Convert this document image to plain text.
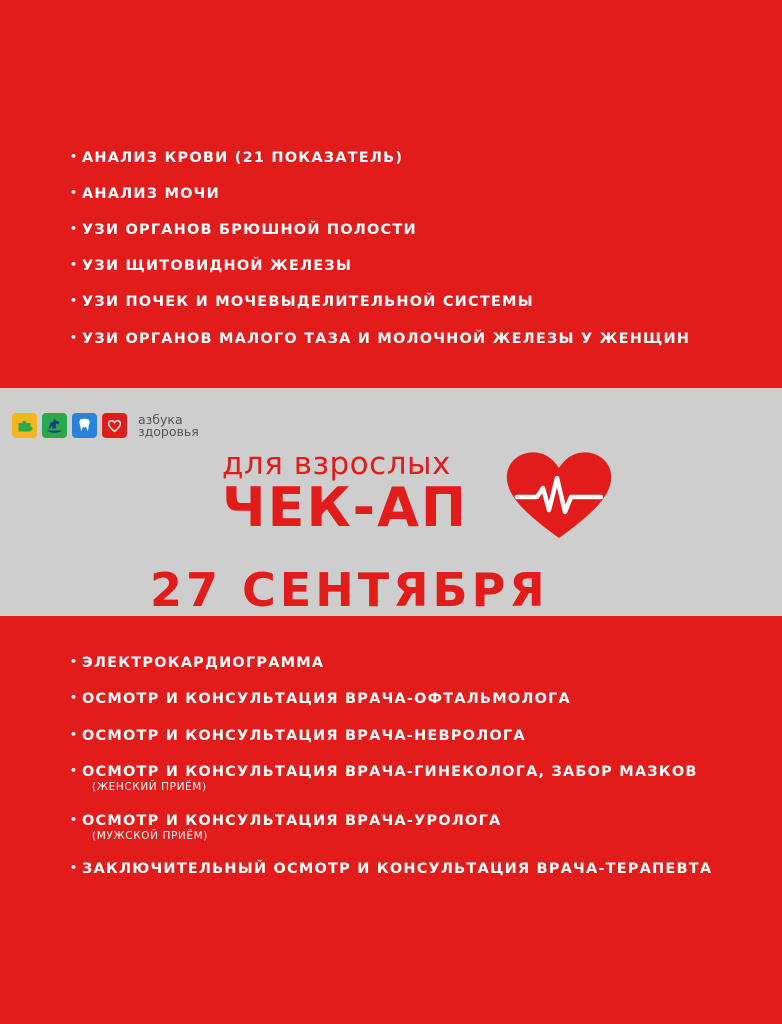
• АНАЛИЗ КРОВИ (21 ПОКАЗАТЕЛЬ)
• АНАЛИЗ МОЧИ
• УЗИ ОРГАНОВ БРЮШНОЙ ПОЛОСТИ
• УЗИ ЩИТОВИДНОЙ ЖЕЛЕЗЫ
• УЗИ ПОЧЕК И МОЧЕВЫДЕЛИТЕЛЬНОЙ СИСТЕМЫ
• УЗИ ОРГАНОВ МАЛОГО ТАЗА И МОЛОЧНОЙ ЖЕЛЕЗЫ У ЖЕНЩИН
азбука
здоровья
для взрослых
ЧЕК-АП
27 СЕНТЯБРЯ
• ЭЛЕКТРОКАРДИОГРАММА
• ОСМОТР И КОНСУЛЬТАЦИЯ ВРАЧА-ОФТАЛЬМОЛОГА
• ОСМОТР И КОНСУЛЬТАЦИЯ ВРАЧА-НЕВРОЛОГА
• ОСМОТР И КОНСУЛЬТАЦИЯ ВРАЧА-ГИНЕКОЛОГА, ЗАБОР МАЗКОВ
(ЖЕНСКИЙ ПРИЁМ)
• ОСМОТР И КОНСУЛЬТАЦИЯ ВРАЧА-УРОЛОГА
(МУЖСКОЙ ПРИЁМ)
• ЗАКЛЮЧИТЕЛЬНЫЙ ОСМОТР И КОНСУЛЬТАЦИЯ ВРАЧА-ТЕРАПЕВТА
